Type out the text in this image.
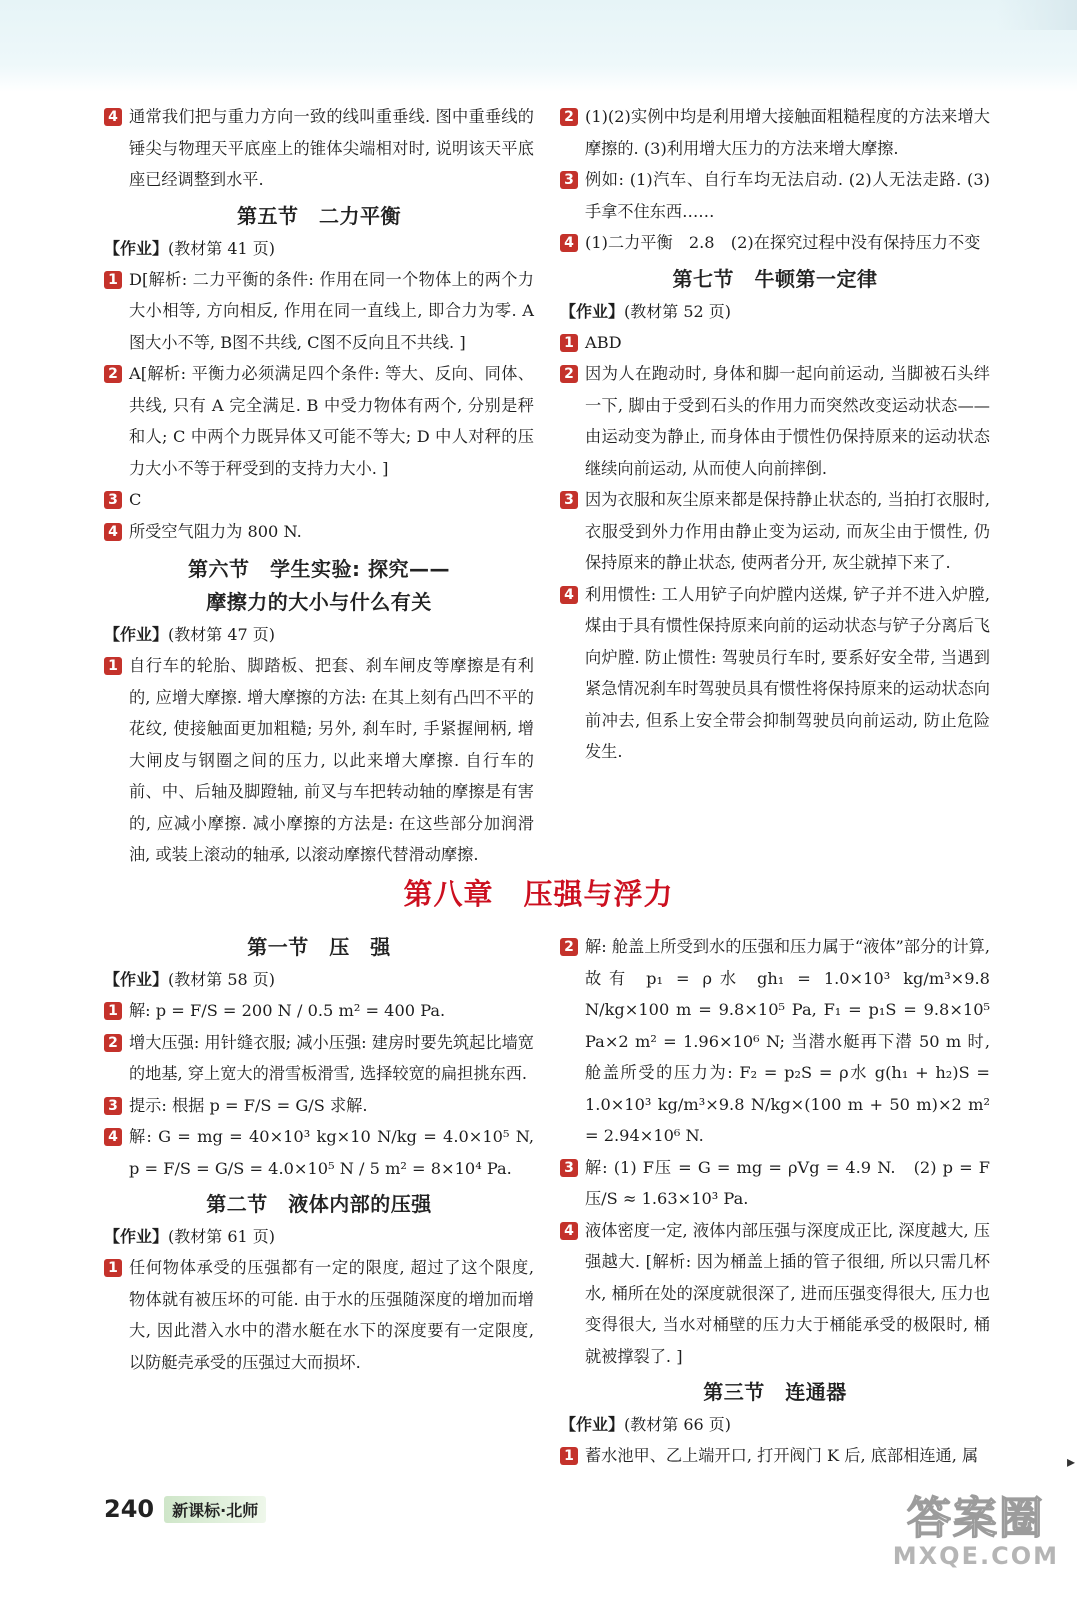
4 通常我们把与重力方向一致的线叫重垂线. 图中重垂线的锤尖与物理天平底座上的锥体尖端相对时, 说明该天平底座已经调整到水平.
第五节　二力平衡
【作业】(教材第 41 页)
1 D[解析: 二力平衡的条件: 作用在同一个物体上的两个力大小相等, 方向相反, 作用在同一直线上, 即合力为零. A图大小不等, B图不共线, C图不反向且不共线. ]
2 A[解析: 平衡力必须满足四个条件: 等大、反向、同体、共线, 只有 A 完全满足. B 中受力物体有两个, 分别是秤和人; C 中两个力既异体又可能不等大; D 中人对秤的压力大小不等于秤受到的支持力大小. ]
3 C
4 所受空气阻力为 800 N.
第六节　学生实验: 探究——
摩擦力的大小与什么有关
【作业】(教材第 47 页)
1 自行车的轮胎、脚踏板、把套、刹车闸皮等摩擦是有利的, 应增大摩擦. 增大摩擦的方法: 在其上刻有凸凹不平的花纹, 使接触面更加粗糙; 另外, 刹车时, 手紧握闸柄, 增大闸皮与钢圈之间的压力, 以此来增大摩擦. 自行车的前、中、后轴及脚蹬轴, 前叉与车把转动轴的摩擦是有害的, 应减小摩擦. 减小摩擦的方法是: 在这些部分加润滑油, 或装上滚动的轴承, 以滚动摩擦代替滑动摩擦.
2 (1)(2)实例中均是利用增大接触面粗糙程度的方法来增大摩擦的. (3)利用增大压力的方法来增大摩擦.
3 例如: (1)汽车、自行车均无法启动. (2)人无法走路. (3)手拿不住东西……
4 (1)二力平衡　2.8　(2)在探究过程中没有保持压力不变
第七节　牛顿第一定律
【作业】(教材第 52 页)
1 ABD
2 因为人在跑动时, 身体和脚一起向前运动, 当脚被石头绊一下, 脚由于受到石头的作用力而突然改变运动状态——由运动变为静止, 而身体由于惯性仍保持原来的运动状态继续向前运动, 从而使人向前摔倒.
3 因为衣服和灰尘原来都是保持静止状态的, 当拍打衣服时, 衣服受到外力作用由静止变为运动, 而灰尘由于惯性, 仍保持原来的静止状态, 使两者分开, 灰尘就掉下来了.
4 利用惯性: 工人用铲子向炉膛内送煤, 铲子并不进入炉膛, 煤由于具有惯性保持原来向前的运动状态与铲子分离后飞向炉膛. 防止惯性: 驾驶员行车时, 要系好安全带, 当遇到紧急情况刹车时驾驶员具有惯性将保持原来的运动状态向前冲去, 但系上安全带会抑制驾驶员向前运动, 防止危险发生.
第八章　压强与浮力
第一节　压　强
【作业】(教材第 58 页)
1 解: p = F/S = 200 N / 0.5 m² = 400 Pa.
2 增大压强: 用针缝衣服; 减小压强: 建房时要先筑起比墙宽的地基, 穿上宽大的滑雪板滑雪, 选择较宽的扁担挑东西.
3 提示: 根据 p = F/S = G/S 求解.
4 解: G = mg = 40×10³ kg×10 N/kg = 4.0×10⁵ N, p = F/S = G/S = 4.0×10⁵ N / 5 m² = 8×10⁴ Pa.
第二节　液体内部的压强
【作业】(教材第 61 页)
1 任何物体承受的压强都有一定的限度, 超过了这个限度, 物体就有被压坏的可能. 由于水的压强随深度的增加而增大, 因此潜入水中的潜水艇在水下的深度要有一定限度, 以防艇壳承受的压强过大而损坏.
2 解: 舱盖上所受到水的压强和压力属于“液体”部分的计算, 故有 p₁ = ρ水 gh₁ = 1.0×10³ kg/m³×9.8 N/kg×100 m = 9.8×10⁵ Pa, F₁ = p₁S = 9.8×10⁵ Pa×2 m² = 1.96×10⁶ N; 当潜水艇再下潜 50 m 时, 舱盖所受的压力为: F₂ = p₂S = ρ水 g(h₁ + h₂)S = 1.0×10³ kg/m³×9.8 N/kg×(100 m + 50 m)×2 m² = 2.94×10⁶ N.
3 解: (1) F压 = G = mg = ρVg = 4.9 N.　(2) p = F压/S ≈ 1.63×10³ Pa.
4 液体密度一定, 液体内部压强与深度成正比, 深度越大, 压强越大. [解析: 因为桶盖上插的管子很细, 所以只需几杯水, 桶所在处的深度就很深了, 进而压强变得很大, 压力也变得很大, 当水对桶壁的压力大于桶能承受的极限时, 桶就被撑裂了. ]
第三节　连通器
【作业】(教材第 66 页)
1 蓄水池甲、乙上端开口, 打开阀门 K 后, 底部相连通, 属	▸
240	新课标·北师	答案圈
MXQE.COM
